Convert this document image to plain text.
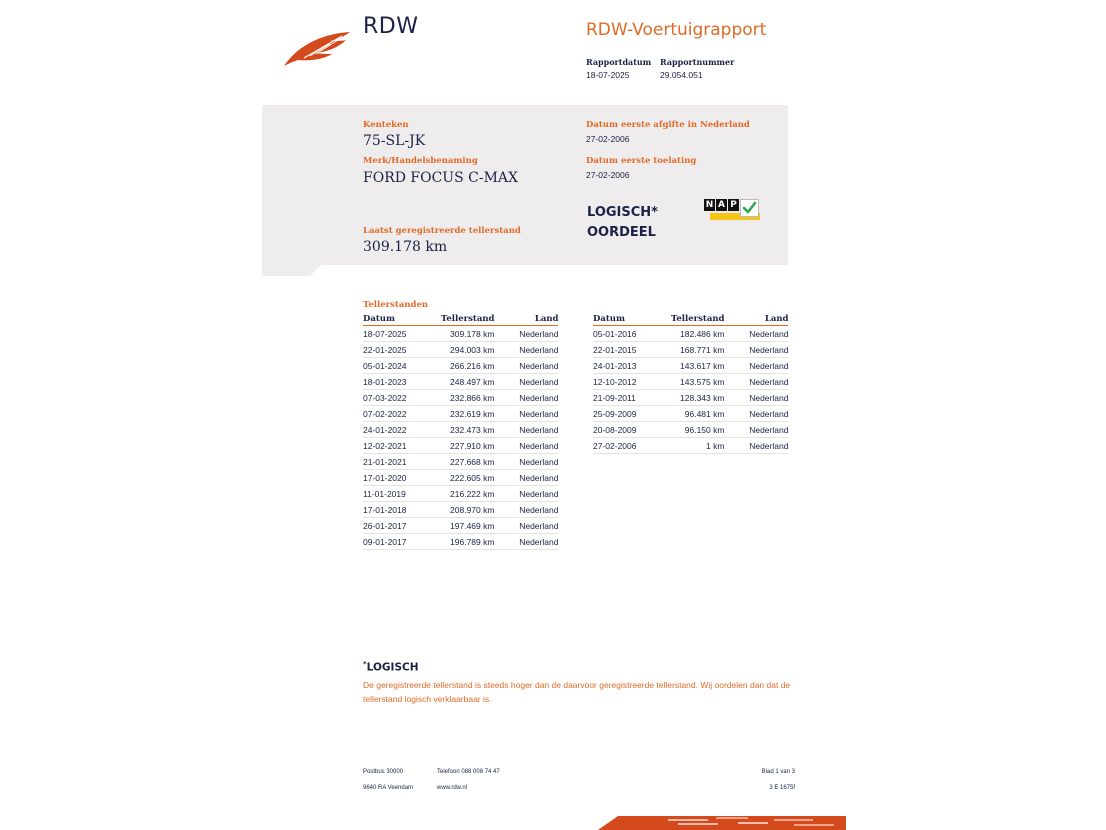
RDW	RDW-Voertuigrapport
Rapportdatum
18-07-2025
Rapportnummer
29.054.051
Kenteken
75-SL-JK
Merk/Handelsbenaming
FORD FOCUS C-MAX
Laatst geregistreerde tellerstand
309.178 km
Datum eerste afgifte in Nederland
27-02-2006
Datum eerste toelating
27-02-2006
LOGISCH*
OORDEEL
N A P
Tellerstanden
Datum	Tellerstand	Land
18-07-2025	309.178 km	Nederland
22-01-2025	294.003 km	Nederland
05-01-2024	266.216 km	Nederland
18-01-2023	248.497 km	Nederland
07-03-2022	232.866 km	Nederland
07-02-2022	232.619 km	Nederland
24-01-2022	232.473 km	Nederland
12-02-2021	227.910 km	Nederland
21-01-2021	227.668 km	Nederland
17-01-2020	222.605 km	Nederland
11-01-2019	216.222 km	Nederland
17-01-2018	208.970 km	Nederland
26-01-2017	197.469 km	Nederland
09-01-2017	196.789 km	Nederland
Datum	Tellerstand	Land
05-01-2016	182.486 km	Nederland
22-01-2015	168.771 km	Nederland
24-01-2013	143.617 km	Nederland
12-10-2012	143.575 km	Nederland
21-09-2011	128.343 km	Nederland
25-09-2009	96.481 km	Nederland
20-08-2009	96.150 km	Nederland
27-02-2006	1 km	Nederland
*LOGISCH
De geregistreerde tellerstand is steeds hoger dan de daarvoor geregistreerde tellerstand. Wij oordelen dan dat de tellerstand logisch verklaarbaar is.
Postbus 30000
9640 RA Veendam
Telefoon 088 008 74 47
www.rdw.nl
Blad 1 van 3
3 E 1675f
